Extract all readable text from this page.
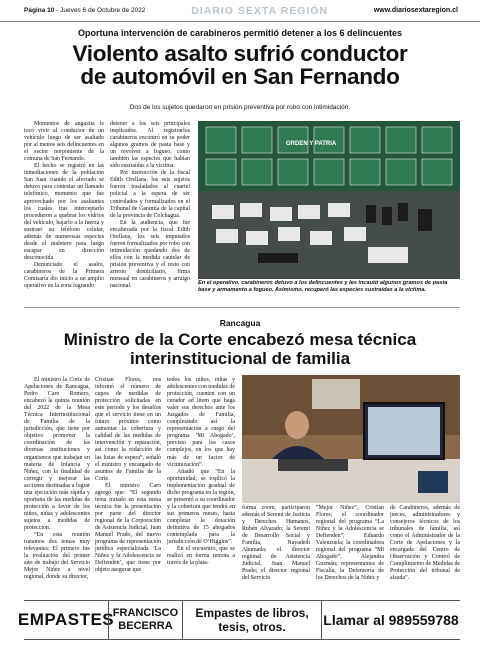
Página 10 - Jueves 6 de Octubre de 2022	DIARIO SEXTA REGIÓN	www.diariosextaregion.cl
Oportuna intervención de carabineros permitió detener a los 6 delincuentes
Violento asalto sufrió conductor
de automóvil en San Fernando
Dos de los sujetos quedaron en prisión preventiva por robo con intimidación.

Momentos de angustia le tocó vivir al conductor de un vehículo luego de ser asaltado por al menos seis delincuentes en el sector norponiente de la comuna de San Fernando.

El hecho se registró en las inmediaciones de la población San Juan cuando el afectado se detuvo para contestar un llamado telefónico, momento que fue aprovechado por los asaltantes los cuales tras interceptarlo procedieron a quebrar los vidrios del vehículo, bajarlo a la fuerza y sustraer su teléfono celular, además de numerosas especies desde el maletero para luego escapar en dirección desconocida.

Denunciado el asalto, carabineros de la Primera Comisaría dio inicio a un amplio operativo en la zona logrando

detener a los seis principales implicados. Al registrarlos carabineros encontró en su poder algunos gramos de pasta base y un revolver a fogueo, como también las especies que habían sido sustraídas a la víctima.

Por instrucción de la fiscal Edith Orellana, los seis sujetos fueron trasladados al cuartel policial a la espera de ser controlados y formalizados en el Tribunal de Garantía de la capital de la provincia de Colchagua.

En la audiencia, que fue encabezada por la fiscal Edith Orellana, los seis imputados fueron formalizados por robo con intimidación quedando dos de ellos con la medida cautelar de prisión preventiva y el resto con arresto domiciliario, firma mensual en carabineros y arraigo nacional.

ORDEN Y PATRIA
En el operativo, carabineros detuvo a los delincuentes y les incautó algunos gramos de pasta base y armamento a fogueo. Asimismo, recuperó las especies sustraídas a la víctima.
Rancagua
Ministro de la Corte encabezó mesa técnica
interinstitucional de familia

El ministro la Corte de Apelaciones de Rancagua, Pedro Caro Romero, encabezó la quinta reunión del 2022 de la Mesa Técnica Interinstitucional de Familia de la jurisdicción, que tiene por objetivo promover la coordinación de las diversas instituciones y organismos que trabajan en materia de Infancia y Niñez, con la finalidad de corregir y mejorar las acciones destinadas a lograr una ejecución más rápida y oportuna de las medidas de protección a favor de los niños, niñas y adolescentes sujetos a medidas de protección.

“En esta reunión tratamos dos temas muy relevantes: El primero fue la evaluación del primer año de trabajo del Servicio Mejor Niñez a nivel regional, donde su director,

Cristian Flores, nos informó el número de cupos de medidas de protección solicitadas en este periodo y los desafíos que el servicio tiene en un futuro próximo como aumentar la cobertura y calidad de las medidas de intervención y reparación, así como la redacción de las listas de espera”, señaló el ministro y encargado de asuntos de Familia de la Corte.

El ministro Caro agregó que: “El segundo tema tratado en esta mesa técnica fue la presentación por parte del director regional de la Corporación de Asistencia Judicial, Juan Manuel Prado, del nuevo programa de representación jurídica especializada ‘La Niñez y la Adolescencia se Defienden’, que tiene por objeto asegurar que

todos los niños, niñas y adolescentes con medidas de protección, cuenten con un curador ad litem que haga valer sus derechos ante los Juzgados de Familia, completando así la representación a cargo del programa ‘Mi Abogado’, previsto para los casos complejos, en los que hay más de un factor de victimización”.

Añadió que “En la oportunidad, se explicó la implementación gradual de dicho programa en la región, se presentó a su coordinador y la cobertura que tendrá en sus primeros meses, hasta completar la dotación definitiva de 15 abogados contemplada para la jurisdicción de O’Higgins”.

En el encuentro, que se realizó en forma remota a través de la plata-

forma zoom, participaron además el Seremi de Justicia y Derechos Humanos, Rubén Alvarado; la Seremi de Desarrollo Social y Familia, Nayadeth Ahumada; el director regional de Asistencia Judicial, Juan Manuel Prado; el director regional del Servicio

“Mejor Niñez”, Cristian Flores; el coordinador regional del programa “La Niñez y la Adolescencia se Defienden”, Eduardo Valenzuela; la coordinadora regional del programa “Mi Abogado”, Alejandra Guzmán; representantes de Fiscalía, la Defensoría de los Derechos de la Niñez y

de Carabineros, además de jueces, administradores y consejeros técnicos de los tribunales de familia, así como el Administrador de la Corte de Apelaciones y la encargada del Centro de Observación y Control de Cumplimiento de Medidas de Protección del tribunal de alzada”.

EMPASTES
FRANCISCO
BECERRA
Empastes de libros,
tesis, otros.	Llamar al 989559788
